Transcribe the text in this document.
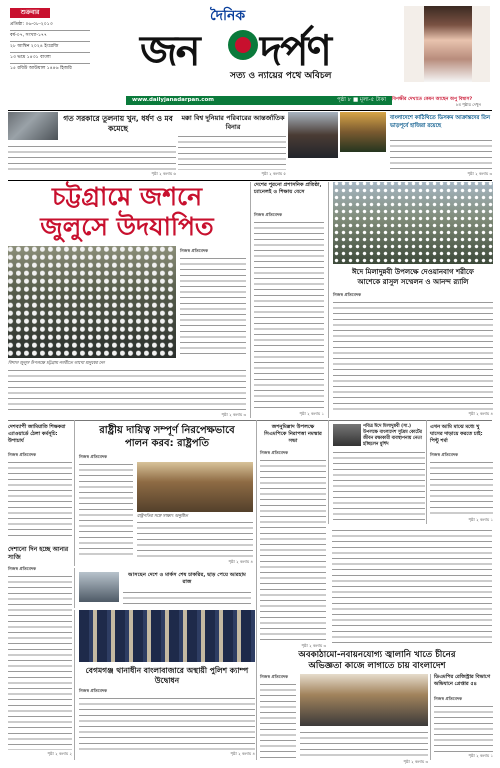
শুক্রবার
প্রতিষ্ঠা: ০৬-০৮-২০১৩
বর্ষ-০৭, সংখ্যা-১৭৭
২৮ আশ্বিন ২০২৪ ইংরেজি
১৩ ভাদ্র ১৪৩১ বাংলা
১৫ রবিউ আউয়াল ১৪৪৬ হিজরি
দৈনিক
জন দর্পণ
সত্য ও ন্যায়ের পথে অবিচল
www.dailyjanadarpan.com	পৃষ্ঠা ৮ ■ মূল্য-৫ টাকা বিপক্ষীর দেখাতে কেমন আছেন অপু বিশ্বাস?
৮ম পৃষ্ঠায় দেখুন
গত সরকারে তুলনায় খুন, ধর্ষণ ও মব কমেছে
পৃষ্ঠা ২ কলাম ৬
মক্কা বিশ্ব দুনিয়ার পরিবারের আন্তর্জাতিক বিনার
পৃষ্ঠা ২ কলাম ৫
বাংলাদেশে কাঠিথিতে ডিসকম আক্রান্তদের তিন ভাড়পূর্বে হাজিরা রয়েছে
পৃষ্ঠা ২ কলাম ৩
চট্টগ্রামে জশনে
জুলুসে উদযাপিত
নিজস্ব প্রতিবেদক
বিশাল জুলুস উপলক্ষে চট্টগ্রাম নগরীতে লাখো মানুষের ঢল
পৃষ্ঠা ২ কলাম ৩
দেশের পুরনো প্রশাসনিক প্রতিষ্ঠা, চ্যানেলই ও শিক্ষায় বেসে
নিজস্ব প্রতিবেদক
পৃষ্ঠা ২ কলাম ১
ঈদে মিলাদুন্নবী উপলক্ষে দেওয়ানবাগ শরীফে
আশেকে রাসুল সম্মেলন ও আনন্দ র‍্যালি
নিজস্ব প্রতিবেদক
পৃষ্ঠা ২ কলাম ৪
দেশব্যাপী জামিয়াতি শিক্ষকরা এ্যাওয়ার্ডে ঠেলা কর্মসূচি: উপাচার্য
নিজস্ব প্রতিবেদক
রাষ্ট্রীয় দায়িত্ব সম্পূর্ণ নিরপেক্ষভাবে
পালন করব: রাষ্ট্রপতি
নিজস্ব প্রতিবেদক
রাষ্ট্রপতির সঙ্গে সাক্ষাৎ অনুষ্ঠিত
পৃষ্ঠা ২ কলাম ৪
জশনুমিল্লাদ উপলক্ষে সিএমপিকে নিরাপত্তা নমস্কার সভা
নিজস্ব প্রতিবেদক
পৃষ্ঠা ২ কলাম ৩
পবিত্র ঈদে মিলাদুন্নবী (সা.) উপলক্ষে বাংলাদেশ সুপ্রিম কোর্টের জীবন রক্ষাকারী ব্যবস্থাপনায় নেতা হচ্ছিলেন মুর্শিদ
এখন আমি মাঝে মধ্যে খু ঘাসের দাড়ায়ে করতে চাই: পিন্টু শর্মা
নিজস্ব প্রতিবেদক
পৃষ্ঠা ২ কলাম ১
দেশানো দিন হচ্ছে আনার সাজি
নিজস্ব প্রতিবেদক
পৃষ্ঠা ২ কলাম ২
আসছেন দেশে ও মার্কস শেষ চাকরির, ছাড় পেয়ে আরহাম রাজ
বেগমগঞ্জ থানাধীন বাংলাবাজারে অস্থায়ী পুলিশ ক্যাম্প উদ্বোধন
নিজস্ব প্রতিবেদক
পৃষ্ঠা ২ কলাম ৪
অবকাঠামো-নবায়নযোগ্য জ্বালানি খাতে চীনের
অভিজ্ঞতা কাজে লাগাতে চায় বাংলাদেশ
নিজস্ব প্রতিবেদক
পৃষ্ঠা ২ কলাম ৩
ডিএমপির রেজিস্ট্রার বিভাগে অভিযানে গ্রেপ্তার ৫৪
নিজস্ব প্রতিবেদক
পৃষ্ঠা ২ কলাম ১
